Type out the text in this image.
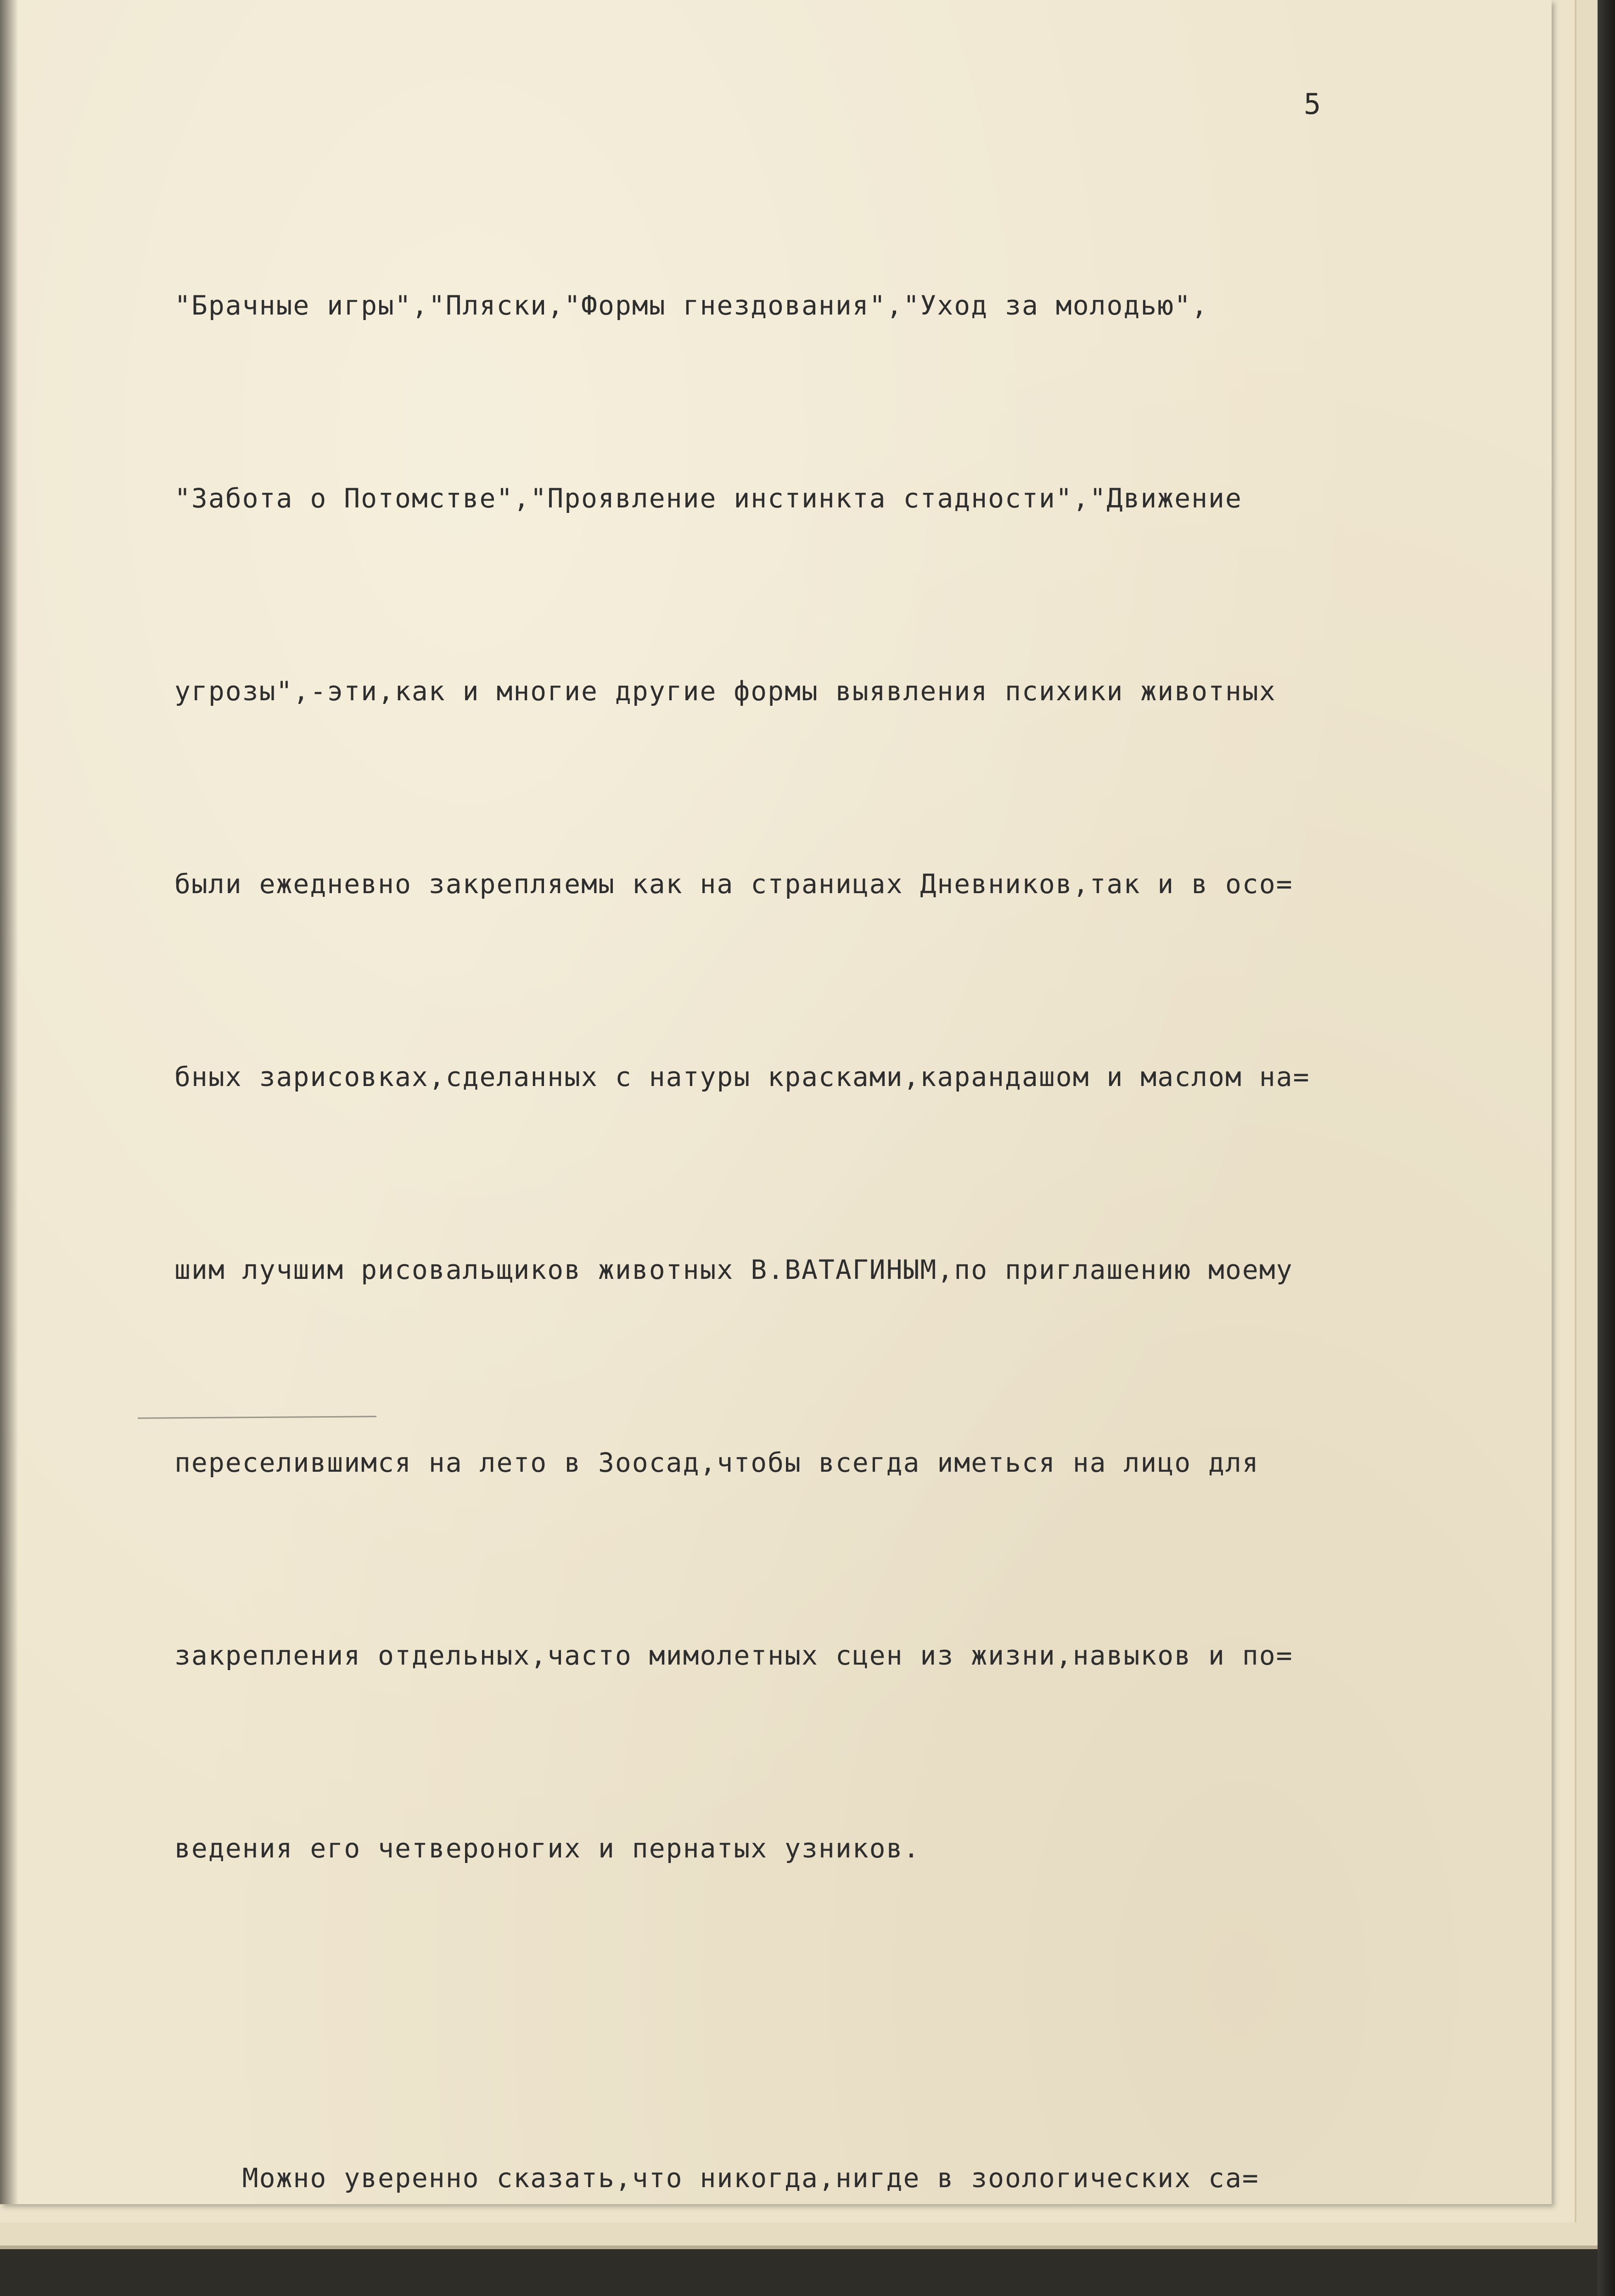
5

"Брачные игры","Пляски,"Формы гнездования","Уход за молодью",

"Забота о Потомстве","Проявление инстинкта стадности","Движение

угрозы",-эти,как и многие другие формы выявления психики животных

были ежедневно закрепляемы как на страницах Дневников,так и в осо=

бных зарисовках,сделанных с натуры красками,карандашом и маслом на=

шим лучшим рисовальщиков животных В.ВАТАГИНЫМ,по приглашению моему

переселившимся на лето в Зоосад,чтобы всегда иметься на лицо для

закрепления отдельных,часто мимолетных сцен из жизни,навыков и по=

ведения его четвероногих и пернатых узников.

Можно уверенно сказать,что никогда,нигде в зоологических са=
